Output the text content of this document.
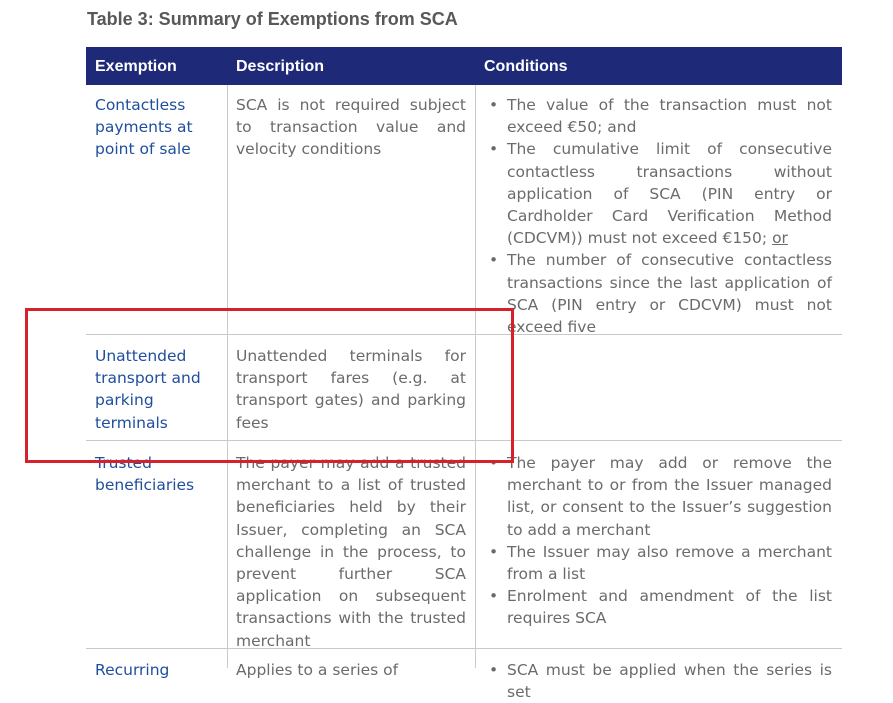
Table 3: Summary of Exemptions from SCA
Exemption	Description	Conditions
Contactless payments at point of sale
SCA is not required subject to transaction value and velocity conditions
• The value of the transaction must not exceed €50; and
• The cumulative limit of consecutive contactless transactions without application of SCA (PIN entry or Cardholder Card Verification Method (CDCVM)) must not exceed €150; or
• The number of consecutive contactless transactions since the last application of SCA (PIN entry or CDCVM) must not exceed five
Unattended transport and parking terminals
Unattended terminals for transport fares (e.g. at transport gates) and parking fees
Trusted beneficiaries
The payer may add a trusted merchant to a list of trusted beneficiaries held by their Issuer, completing an SCA challenge in the process, to prevent further SCA application on subsequent transactions with the trusted merchant
• The payer may add or remove the merchant to or from the Issuer managed list, or consent to the Issuer’s suggestion to add a merchant
• The Issuer may also remove a merchant from a list
• Enrolment and amendment of the list requires SCA
Recurring	Applies to a series of
•	SCA must be applied when the series is set
